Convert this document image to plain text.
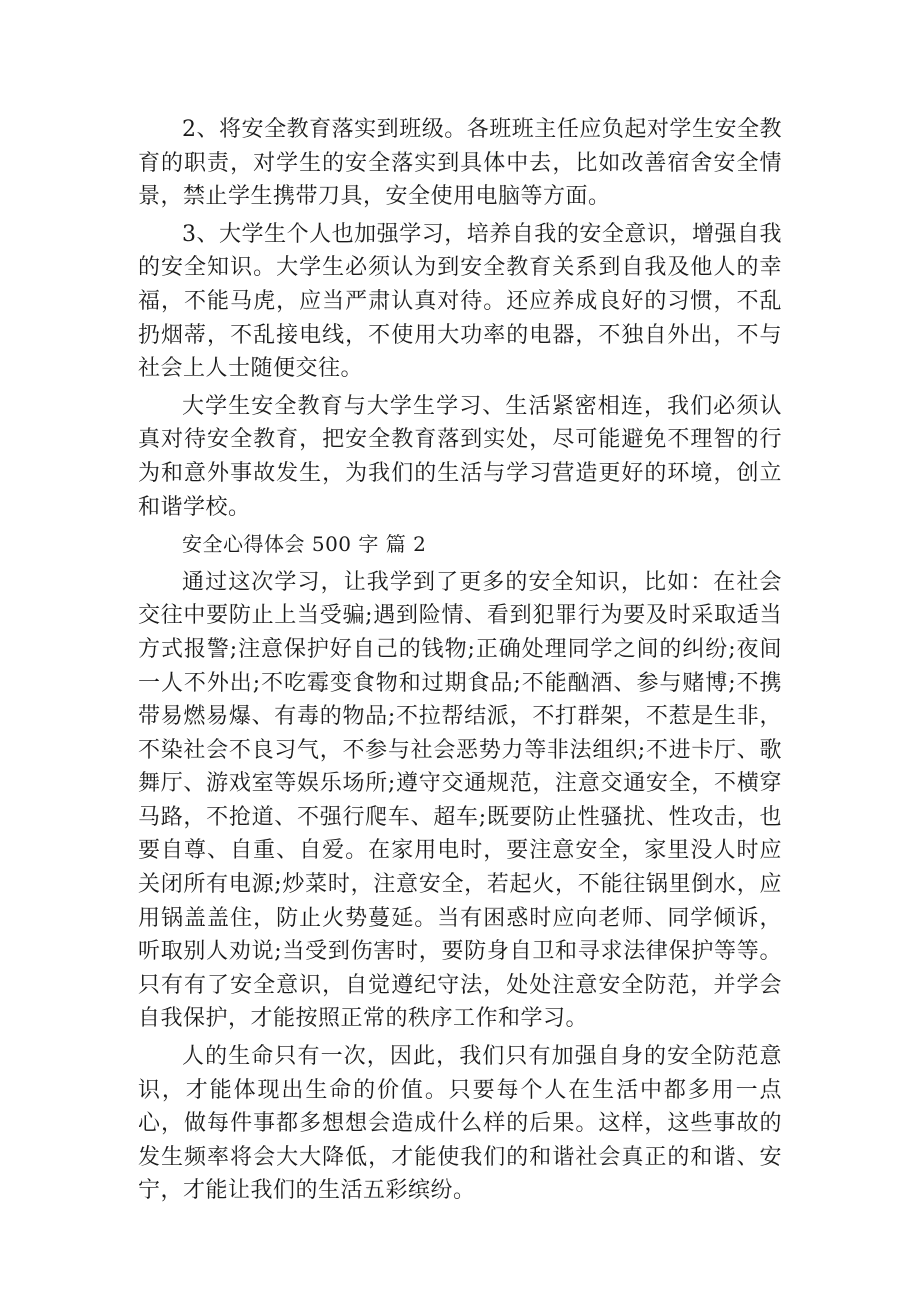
2、将安全教育落实到班级。各班班主任应负起对学生安全教育的职责，对学生的安全落实到具体中去，比如改善宿舍安全情景，禁止学生携带刀具，安全使用电脑等方面。

3、大学生个人也加强学习，培养自我的安全意识，增强自我的安全知识。大学生必须认为到安全教育关系到自我及他人的幸福，不能马虎，应当严肃认真对待。还应养成良好的习惯，不乱扔烟蒂，不乱接电线，不使用大功率的电器，不独自外出，不与社会上人士随便交往。

大学生安全教育与大学生学习、生活紧密相连，我们必须认真对待安全教育，把安全教育落到实处，尽可能避免不理智的行为和意外事故发生，为我们的生活与学习营造更好的环境，创立和谐学校。

安全心得体会 500 字 篇 2

通过这次学习，让我学到了更多的安全知识，比如：在社会交往中要防止上当受骗;遇到险情、看到犯罪行为要及时采取适当方式报警;注意保护好自己的钱物;正确处理同学之间的纠纷;夜间一人不外出;不吃霉变食物和过期食品;不能酗酒、参与赌博;不携带易燃易爆、有毒的物品;不拉帮结派，不打群架，不惹是生非，不染社会不良习气，不参与社会恶势力等非法组织;不进卡厅、歌舞厅、游戏室等娱乐场所;遵守交通规范，注意交通安全，不横穿马路，不抢道、不强行爬车、超车;既要防止性骚扰、性攻击，也要自尊、自重、自爱。在家用电时，要注意安全，家里没人时应关闭所有电源;炒菜时，注意安全，若起火，不能往锅里倒水，应用锅盖盖住，防止火势蔓延。当有困惑时应向老师、同学倾诉，听取别人劝说;当受到伤害时，要防身自卫和寻求法律保护等等。只有有了安全意识，自觉遵纪守法，处处注意安全防范，并学会自我保护，才能按照正常的秩序工作和学习。

人的生命只有一次，因此，我们只有加强自身的安全防范意识，才能体现出生命的价值。只要每个人在生活中都多用一点心，做每件事都多想想会造成什么样的后果。这样，这些事故的发生频率将会大大降低，才能使我们的和谐社会真正的和谐、安宁，才能让我们的生活五彩缤纷。
